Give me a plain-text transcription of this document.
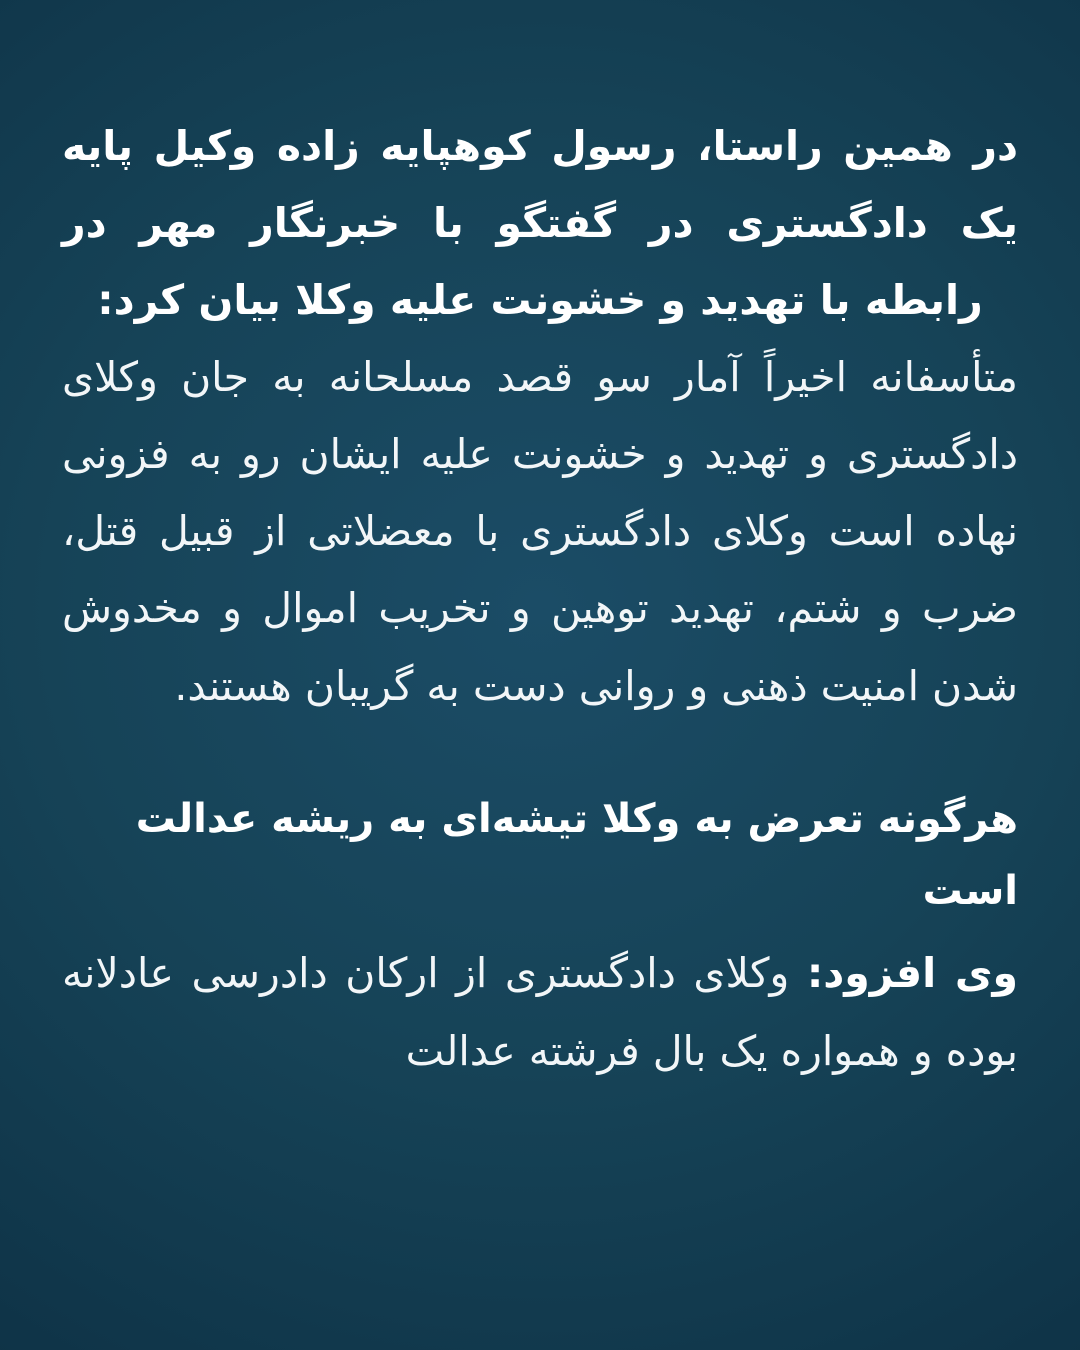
در همین راستا، رسول کوهپایه زاده وکیل پایه یک دادگستری در گفتگو با خبرنگار مهر در رابطه با تهدید و خشونت علیه وکلا بیان کرد:

متأسفانه اخیراً آمار سو قصد مسلحانه به جان وکلای دادگستری و تهدید و خشونت علیه ایشان رو به فزونی نهاده است وکلای دادگستری با معضلاتی از قبیل قتل، ضرب و شتم، تهدید توهین و تخریب اموال و مخدوش شدن امنیت ذهنی و روانی دست به گریبان هستند.

هرگونه تعرض به وکلا تیشه‌ای به ریشه عدالت است

وی افزود: وکلای دادگستری از ارکان دادرسی عادلانه بوده و همواره یک بال فرشته عدالت
